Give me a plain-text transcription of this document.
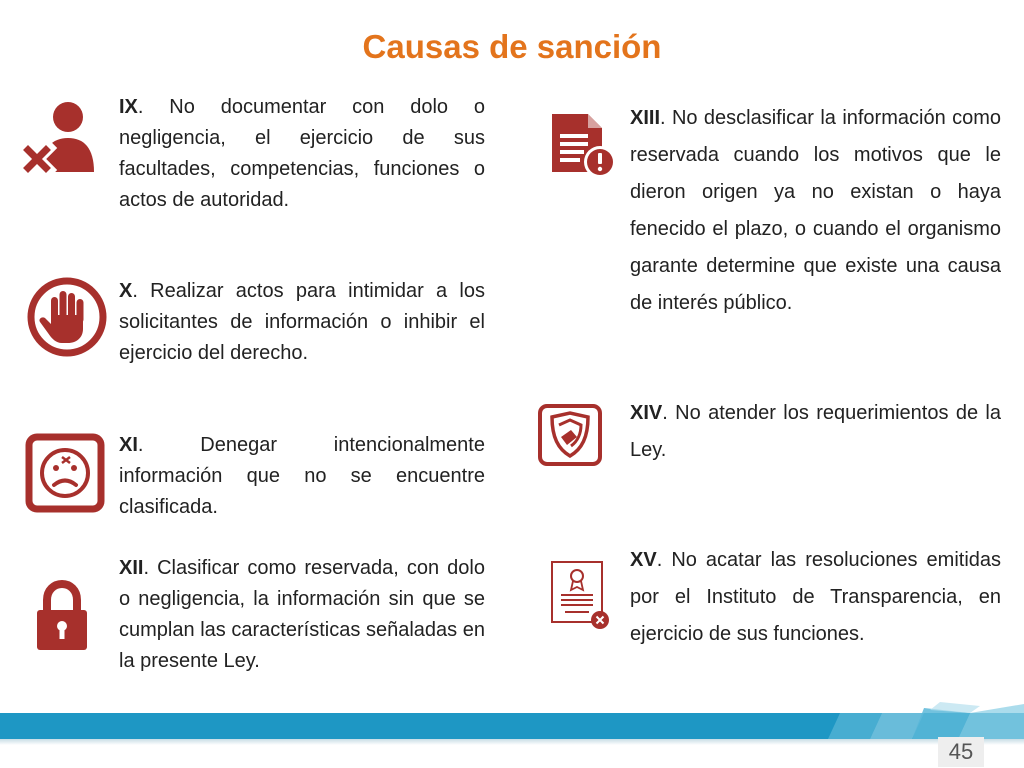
Causas de sanción

IX. No documentar con dolo o negligencia, el ejercicio de sus facultades, competencias, funciones o actos de autoridad.

X. Realizar actos para intimidar a los solicitantes de información o inhibir el ejercicio del derecho.

XI. Denegar intencionalmente información que no se encuentre clasificada.

XII. Clasificar como reservada, con dolo o negligencia, la información sin que se cumplan las características señaladas en la presente Ley.

XIII. No desclasificar la información como reservada cuando los motivos que le dieron origen ya no existan o haya fenecido el plazo, o cuando el organismo garante determine que existe una causa de interés público.

XIV. No atender los requerimientos de la Ley.

XV. No acatar las resoluciones emitidas por el Instituto de Transparencia, en ejercicio de sus funciones.

45
